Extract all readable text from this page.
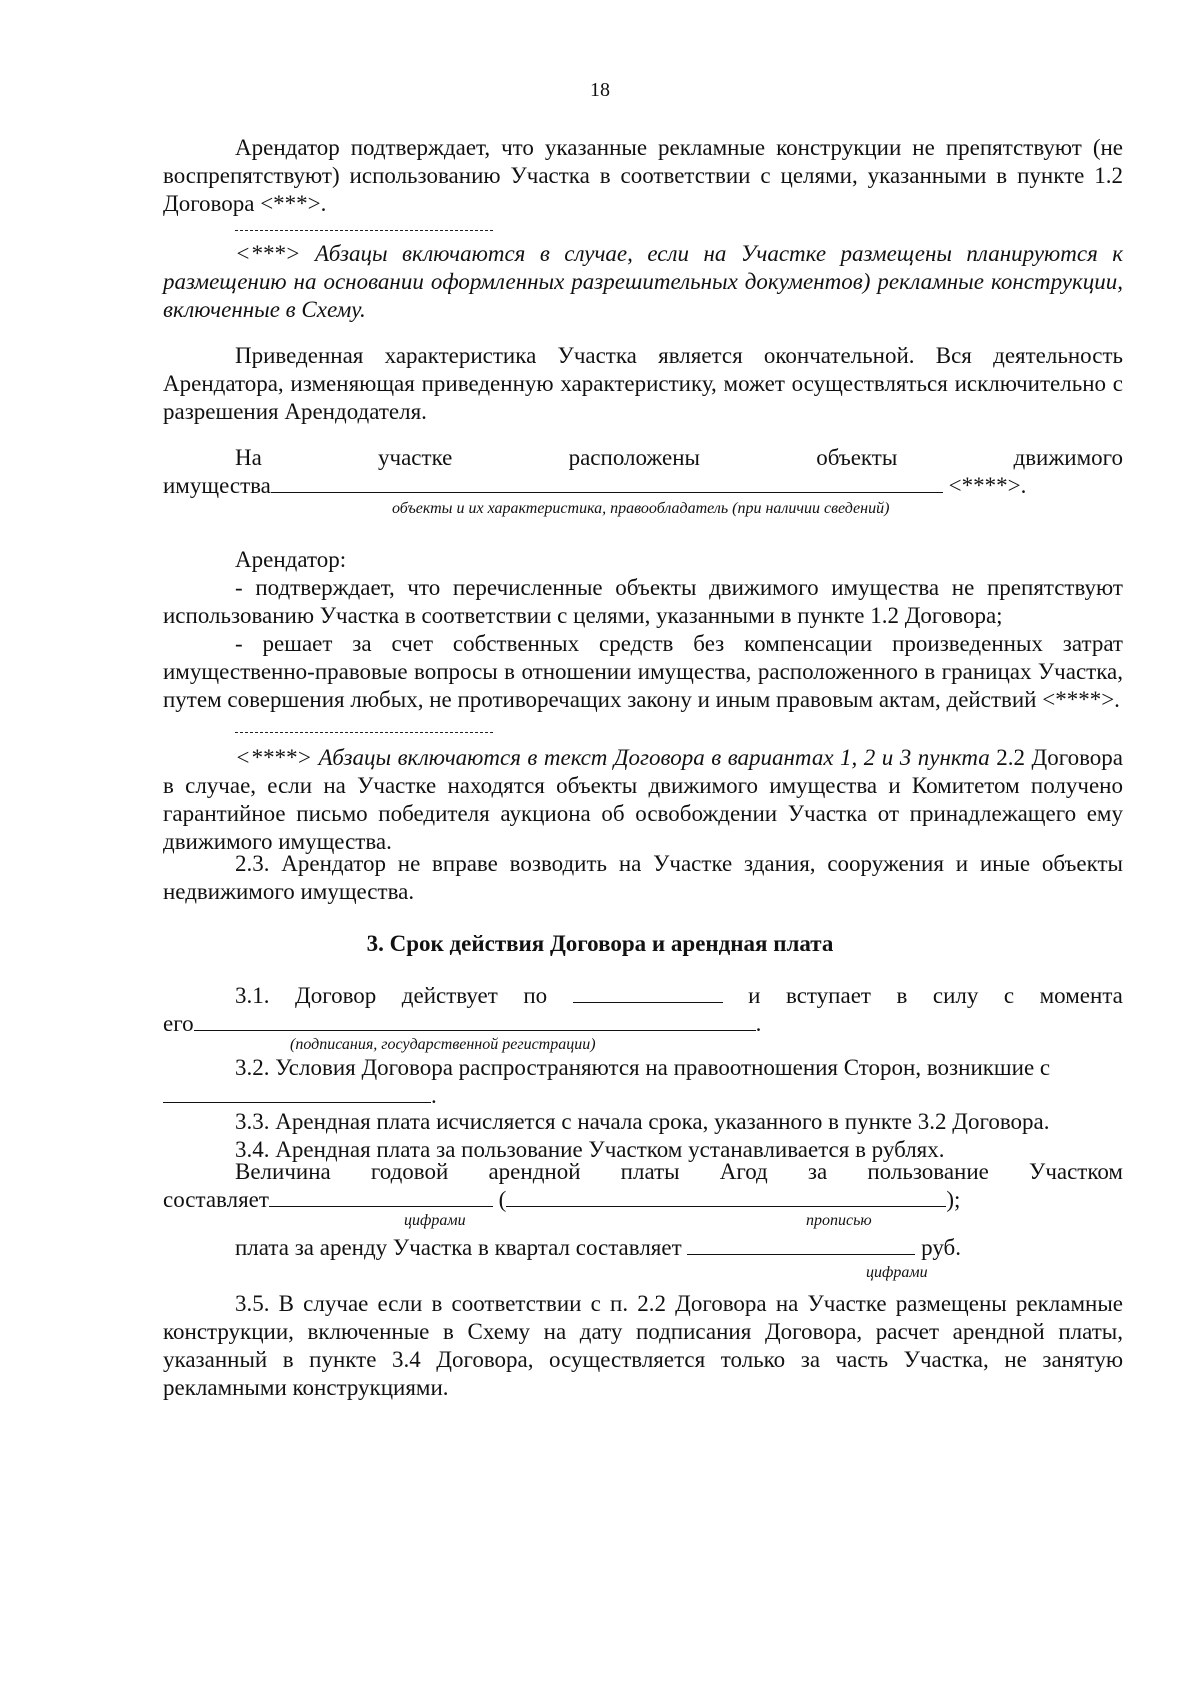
18

Арендатор подтверждает, что указанные рекламные конструкции не препятствуют (не воспрепятствуют) использованию Участка в соответствии с целями, указанными в пункте 1.2 Договора <***>.

<***> Абзацы включаются в случае, если на Участке размещены планируются к размещению на основании оформленных разрешительных документов) рекламные конструкции, включенные в Схему.

Приведенная характеристика Участка является окончательной. Вся деятельность Арендатора, изменяющая приведенную характеристику, может осуществляться исключительно с разрешения Арендодателя.

На	участке	расположены	объекты	движимого
имущества	<****>.
объекты и их характеристика, правообладатель (при наличии сведений)

Арендатор:

- подтверждает, что перечисленные объекты движимого имущества не препятствуют использованию Участка в соответствии с целями, указанными в пункте 1.2 Договора;

- решает за счет собственных средств без компенсации произведенных затрат имущественно-правовые вопросы в отношении имущества, расположенного в границах Участка, путем совершения любых, не противоречащих закону и иным правовым актам, действий <****>.

<****> Абзацы включаются в текст Договора в вариантах 1, 2 и 3 пункта 2.2 Договора в случае, если на Участке находятся объекты движимого имущества и Комитетом получено гарантийное письмо победителя аукциона об освобождении Участка от принадлежащего ему движимого имущества.

2.3. Арендатор не вправе возводить на Участке здания, сооружения и иные объекты недвижимого имущества.

3. Срок действия Договора и арендная плата
3.1. Договор действует по	и вступает в силу с момента
его	.
(подписания, государственной регистрации)

3.2. Условия Договора распространяются на правоотношения Сторон, возникшие с

.

3.3. Арендная плата исчисляется с начала срока, указанного в пункте 3.2 Договора.

3.4. Арендная плата за пользование Участком устанавливается в рублях.

Величина годовой арендной платы Агод за пользование Участком
составляет	(	);
цифрами	прописью
плата за аренду Участка в квартал составляет	руб.
цифрами

3.5. В случае если в соответствии с п. 2.2 Договора на Участке размещены рекламные конструкции, включенные в Схему на дату подписания Договора, расчет арендной платы, указанный в пункте 3.4 Договора, осуществляется только за часть Участка, не занятую рекламными конструкциями.
